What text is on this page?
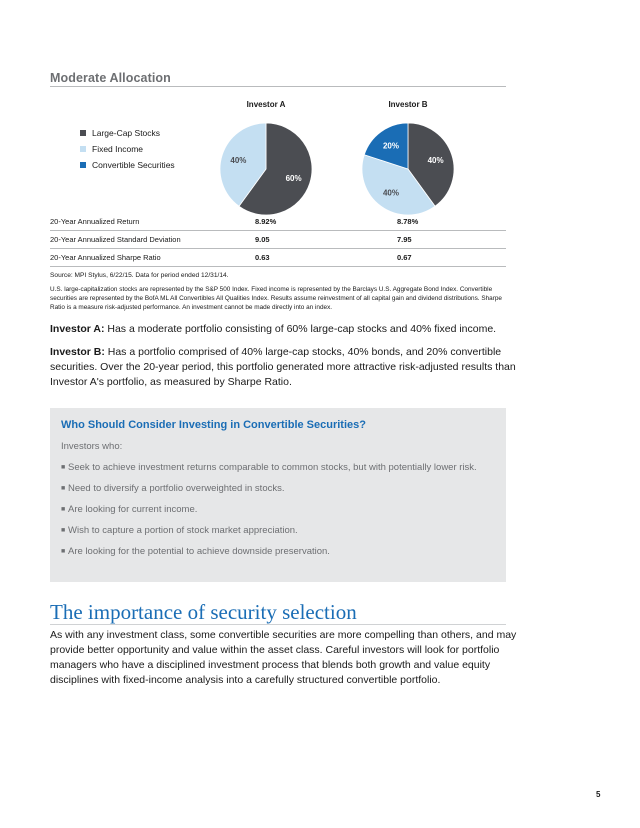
Moderate Allocation
Investor A	Investor B
Large-Cap Stocks
Fixed Income
Convertible Securities
60%
40%	40%
40%
20%
20-Year Annualized Return	8.92%	8.78%
20-Year Annualized Standard Deviation	9.05	7.95
20-Year Annualized Sharpe Ratio	0.63	0.67
Source: MPI Stylus, 6/22/15. Data for period ended 12/31/14.
U.S. large-capitalization stocks are represented by the S&P 500 Index. Fixed income is represented by the Barclays U.S. Aggregate Bond Index. Convertible securities are represented by the BofA ML All Convertibles All Qualities Index. Results assume reinvestment of all capital gain and dividend distributions. Sharpe Ratio is a measure risk-adjusted performance. An investment cannot be made directly into an index.
Investor A: Has a moderate portfolio consisting of 60% large-cap stocks and 40% fixed income.
Investor B: Has a portfolio comprised of 40% large-cap stocks, 40% bonds, and 20% convertible securities. Over the 20-year period, this portfolio generated more attractive risk-adjusted results than Investor A's portfolio, as measured by Sharpe Ratio.
Who Should Consider Investing in Convertible Securities?
Investors who:
■ Seek to achieve investment returns comparable to common stocks, but with potentially lower risk.
■ Need to diversify a portfolio overweighted in stocks.
■ Are looking for current income.
■ Wish to capture a portion of stock market appreciation.
■ Are looking for the potential to achieve downside preservation.
The importance of security selection
As with any investment class, some convertible securities are more compelling than others, and may provide better opportunity and value within the asset class. Careful investors will look for portfolio managers who have a disciplined investment process that blends both growth and value equity disciplines with fixed-income analysis into a carefully structured convertible portfolio.
5
